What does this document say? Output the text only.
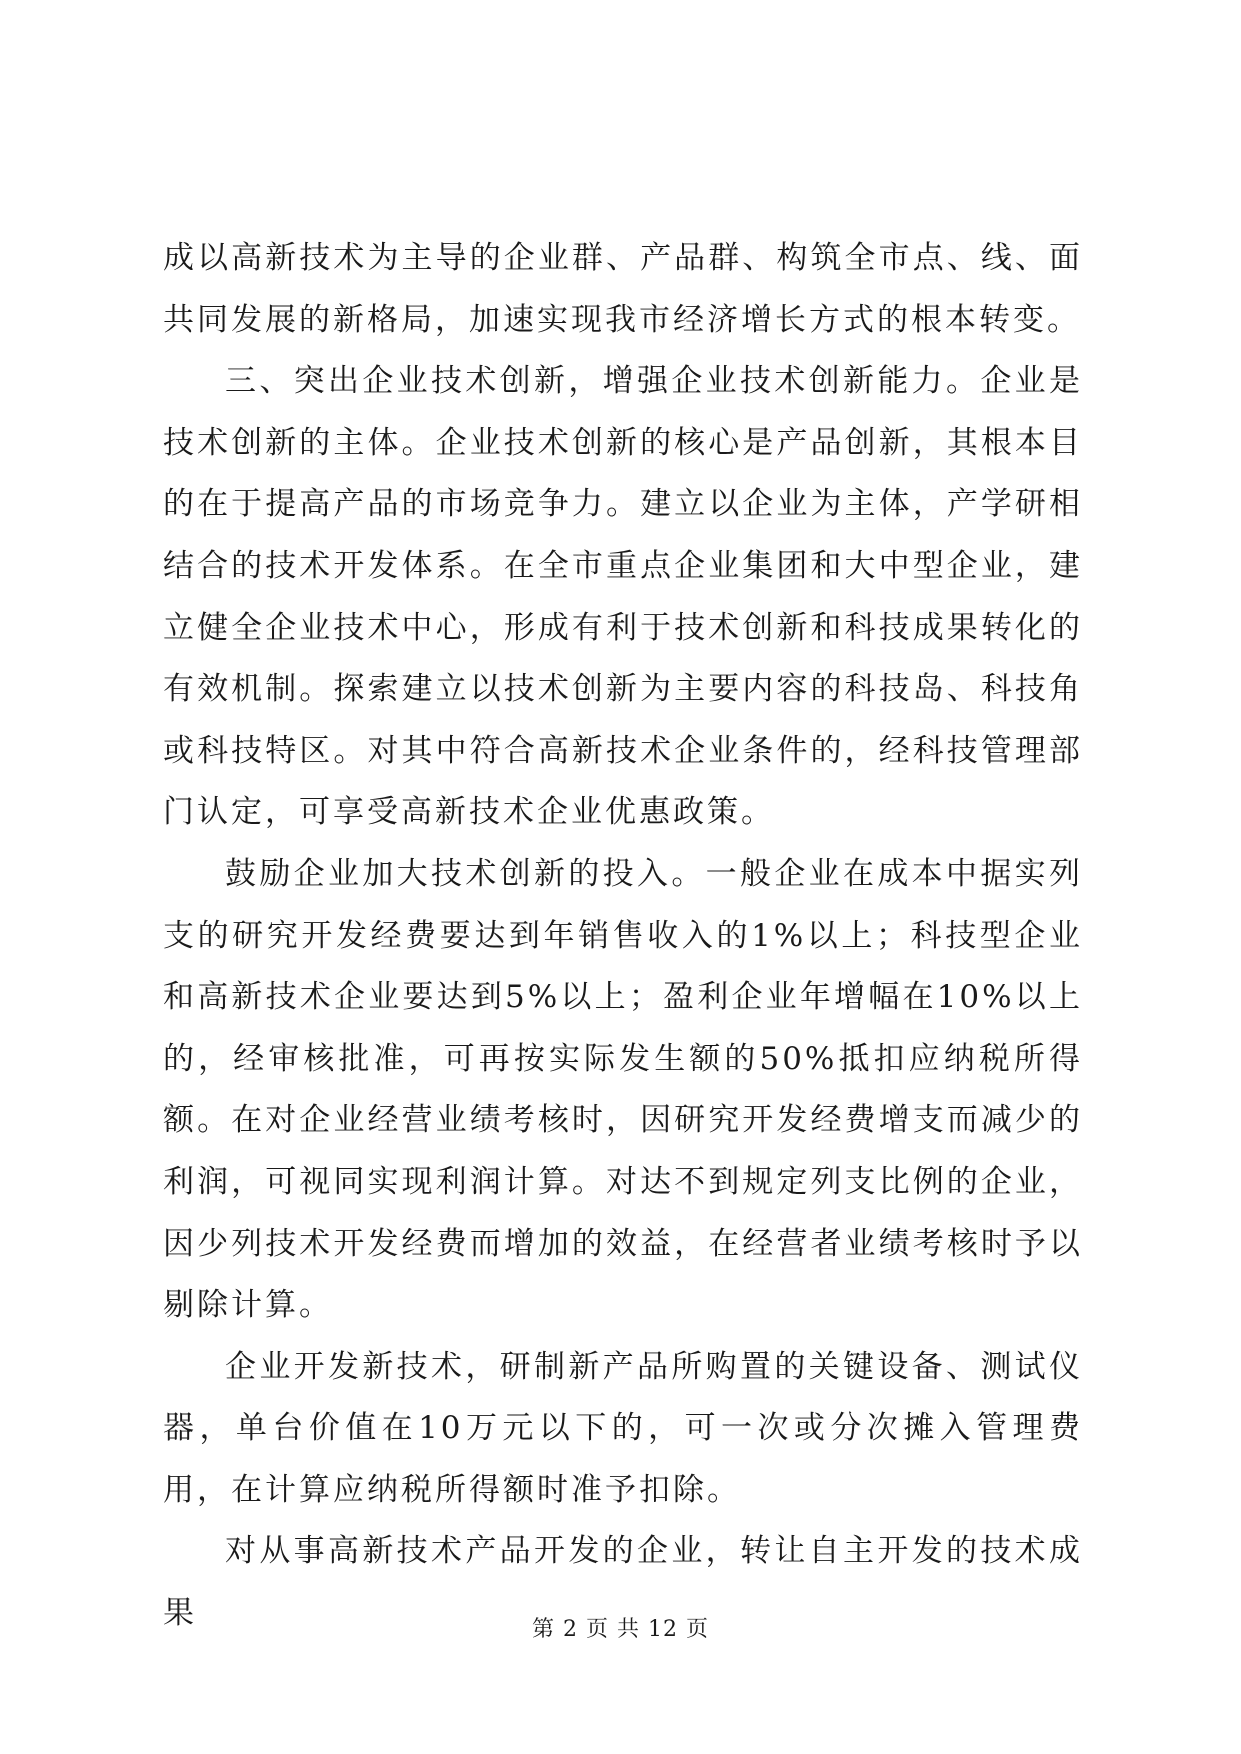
成以高新技术为主导的企业群、产品群、构筑全市点、线、面共同发展的新格局，加速实现我市经济增长方式的根本转变。

三、突出企业技术创新，增强企业技术创新能力。企业是技术创新的主体。企业技术创新的核心是产品创新，其根本目的在于提高产品的市场竞争力。建立以企业为主体，产学研相结合的技术开发体系。在全市重点企业集团和大中型企业，建立健全企业技术中心，形成有利于技术创新和科技成果转化的有效机制。探索建立以技术创新为主要内容的科技岛、科技角或科技特区。对其中符合高新技术企业条件的，经科技管理部门认定，可享受高新技术企业优惠政策。

鼓励企业加大技术创新的投入。一般企业在成本中据实列支的研究开发经费要达到年销售收入的1%以上；科技型企业和高新技术企业要达到5%以上；盈利企业年增幅在10%以上的，经审核批准，可再按实际发生额的50%抵扣应纳税所得额。在对企业经营业绩考核时，因研究开发经费增支而减少的利润，可视同实现利润计算。对达不到规定列支比例的企业，因少列技术开发经费而增加的效益，在经营者业绩考核时予以剔除计算。

企业开发新技术，研制新产品所购置的关键设备、测试仪器，单台价值在10万元以下的，可一次或分次摊入管理费用，在计算应纳税所得额时准予扣除。

对从事高新技术产品开发的企业，转让自主开发的技术成果	第 2 页 共 12 页
